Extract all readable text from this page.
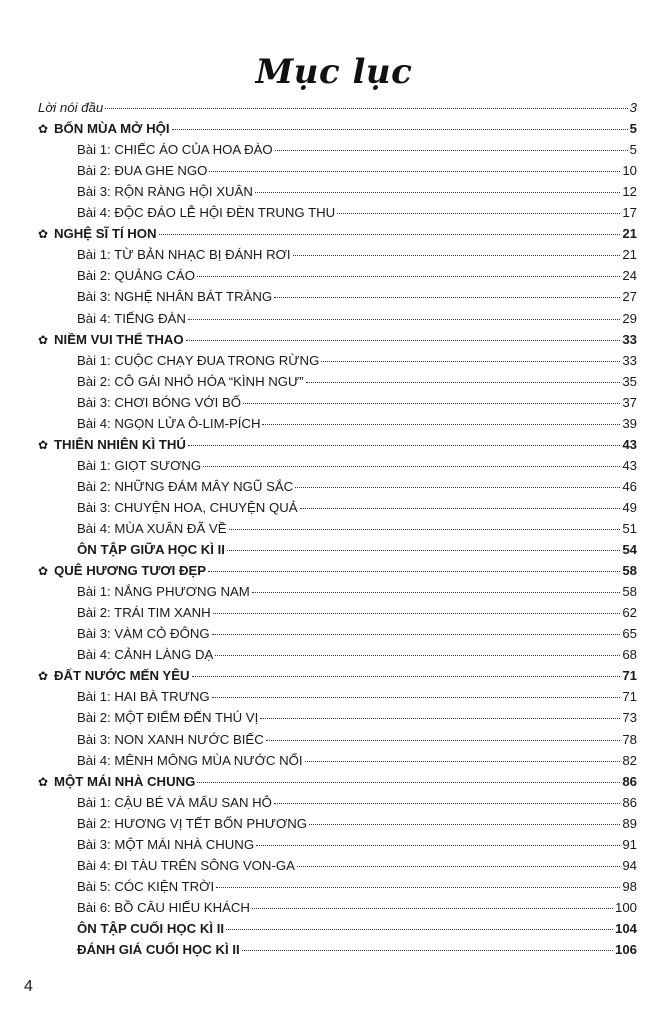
Mục lục
Lời nói đầu	3
✿ BỐN MÙA MỞ HỘI	5
Bài 1: CHIẾC ÁO CỦA HOA ĐÀO	5
Bài 2: ĐUA GHE NGO	10
Bài 3: RỘN RÀNG HỘI XUÂN	12
Bài 4: ĐỘC ĐÁO LỄ HỘI ĐÈN TRUNG THU	17
✿ NGHỆ SĨ TÍ HON	21
Bài 1: TỪ BẢN NHẠC BỊ ĐÁNH RƠI	21
Bài 2: QUẢNG CÁO	24
Bài 3: NGHỆ NHÂN BÁT TRÀNG	27
Bài 4: TIẾNG ĐÀN	29
✿ NIỀM VUI THỂ THAO	33
Bài 1: CUỘC CHẠY ĐUA TRONG RỪNG	33
Bài 2: CÔ GÁI NHỎ HÓA “KÌNH NGƯ”	35
Bài 3: CHƠI BÓNG VỚI BỐ	37
Bài 4: NGỌN LỬA Ô-LIM-PÍCH	39
✿ THIÊN NHIÊN KÌ THÚ	43
Bài 1: GIỌT SƯƠNG	43
Bài 2: NHỮNG ĐÁM MÂY NGŨ SẮC	46
Bài 3: CHUYỆN HOA, CHUYỆN QUẢ	49
Bài 4: MÙA XUÂN ĐÃ VỀ	51
ÔN TẬP GIỮA HỌC KÌ II	54
✿ QUÊ HƯƠNG TƯƠI ĐẸP	58
Bài 1: NẮNG PHƯƠNG NAM	58
Bài 2: TRÁI TIM XANH	62
Bài 3: VÀM CỎ ĐÔNG	65
Bài 4: CẢNH LÀNG DẠ	68
✿ ĐẤT NƯỚC MẾN YÊU	71
Bài 1: HAI BÀ TRƯNG	71
Bài 2: MỘT ĐIỂM ĐẾN THÚ VỊ	73
Bài 3: NON XANH NƯỚC BIẾC	78
Bài 4: MÊNH MÔNG MÙA NƯỚC NỔI	82
✿ MỘT MÁI NHÀ CHUNG	86
Bài 1: CẬU BÉ VÀ MẨU SAN HÔ	86
Bài 2: HƯƠNG VỊ TẾT BỐN PHƯƠNG	89
Bài 3: MỘT MÁI NHÀ CHUNG	91
Bài 4: ĐI TÀU TRÊN SÔNG VON-GA	94
Bài 5: CÓC KIỆN TRỜI	98
Bài 6: BỒ CÂU HIẾU KHÁCH	100
ÔN TẬP CUỐI HỌC KÌ II	104
ĐÁNH GIÁ CUỐI HỌC KÌ II	106
4
